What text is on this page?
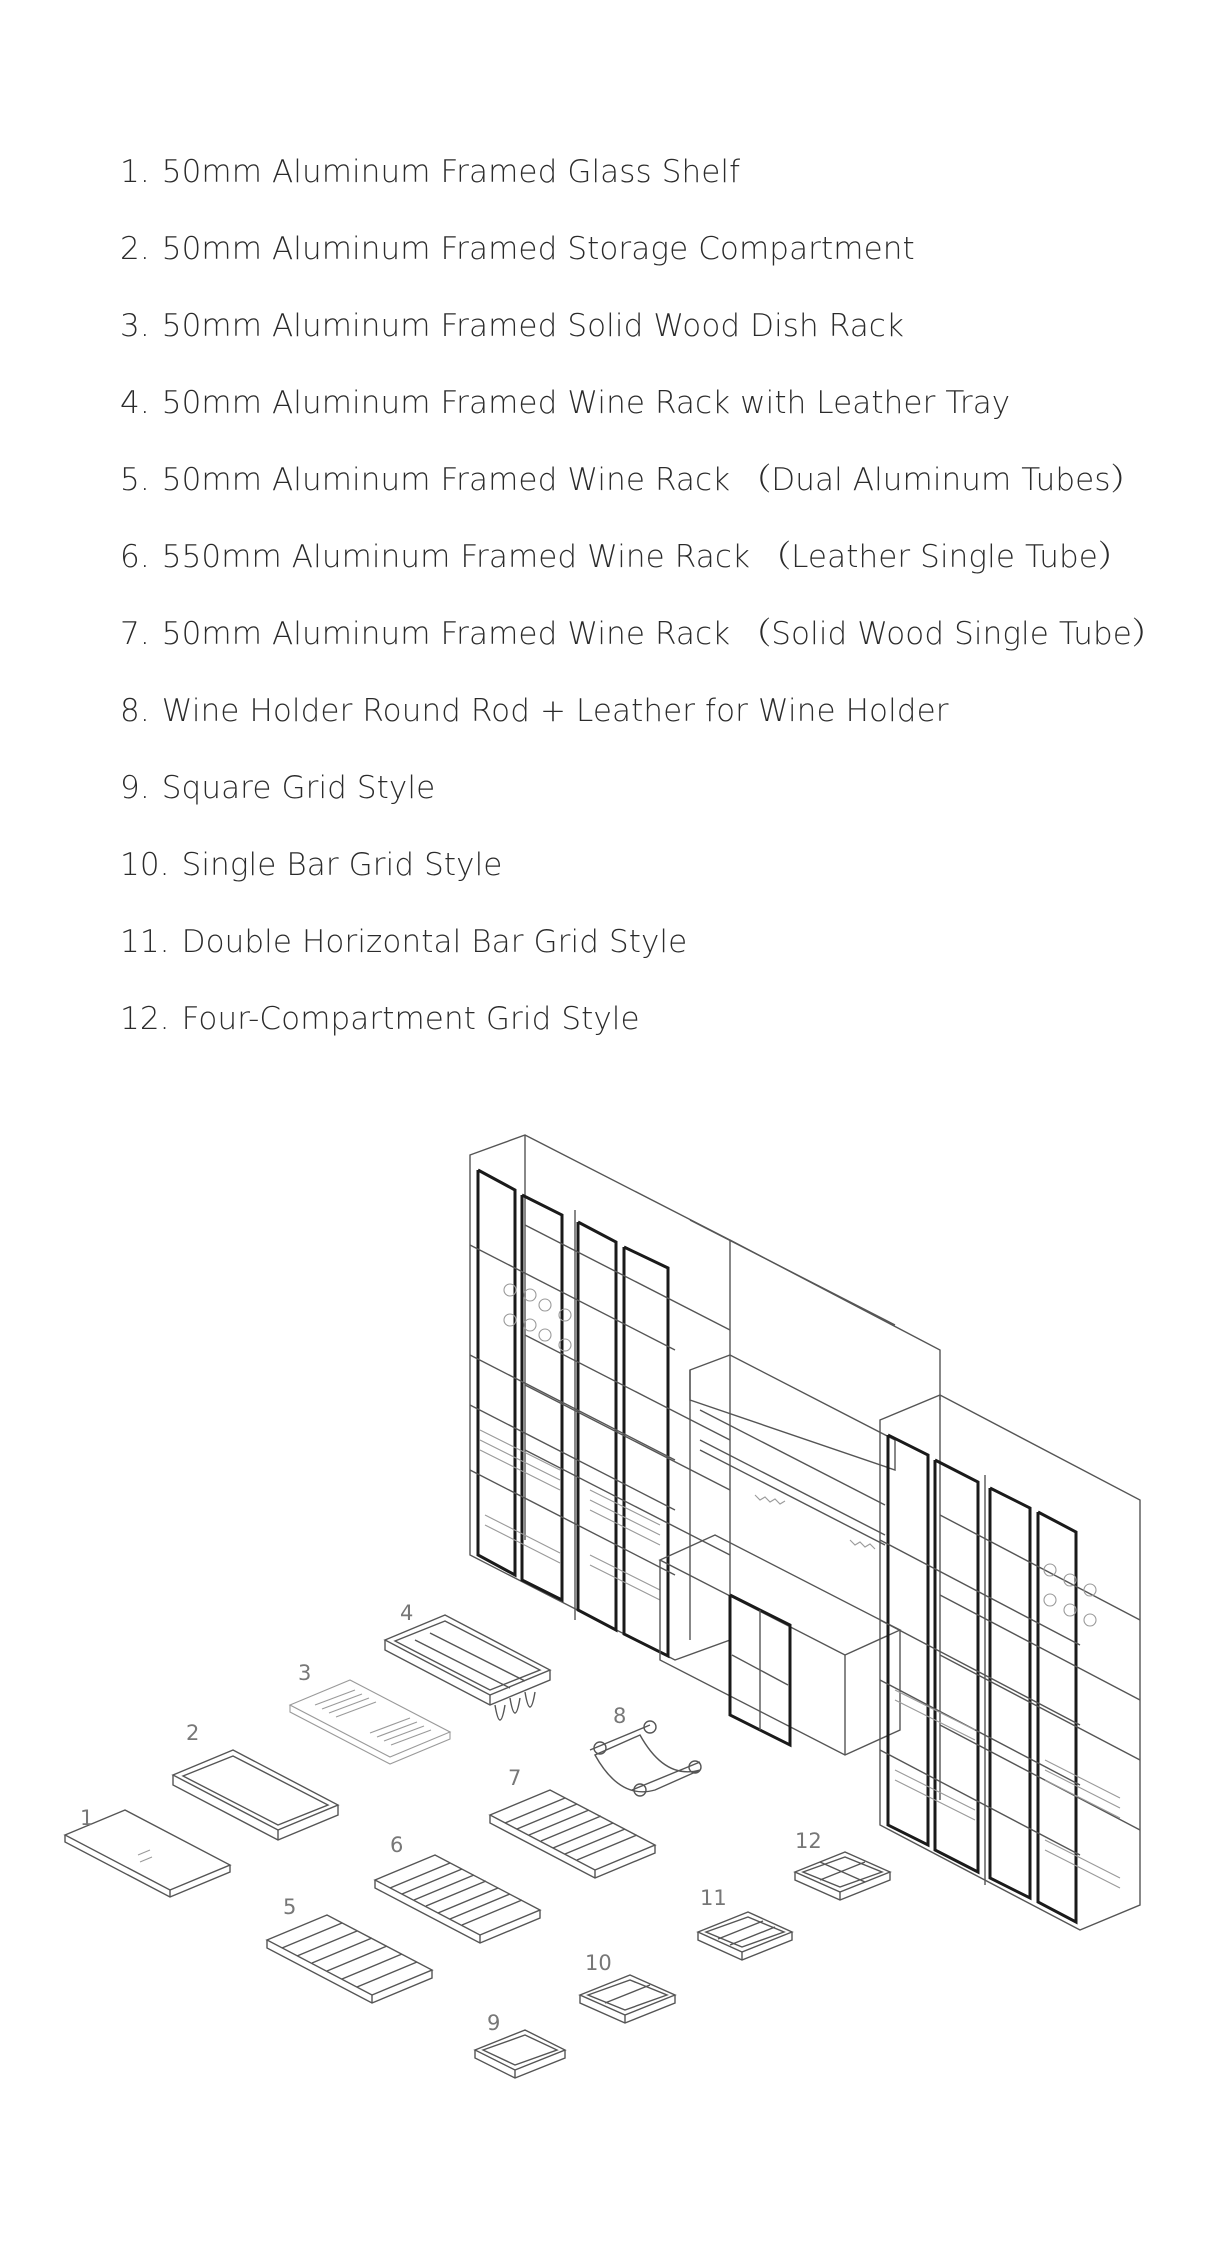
1. 50mm Aluminum Framed Glass Shelf
2. 50mm Aluminum Framed Storage Compartment
3. 50mm Aluminum Framed Solid Wood Dish Rack
4. 50mm Aluminum Framed Wine Rack with Leather Tray
5. 50mm Aluminum Framed Wine Rack （Dual Aluminum Tubes）
6. 550mm Aluminum Framed Wine Rack （Leather Single Tube）
7. 50mm Aluminum Framed Wine Rack （Solid Wood Single Tube）
8. Wine Holder Round Rod + Leather for Wine Holder
9. Square Grid Style
10. Single Bar Grid Style
11. Double Horizontal Bar Grid Style
12. Four-Compartment Grid Style
1
2
3
4
5
6
7
8
9
10
11
12
